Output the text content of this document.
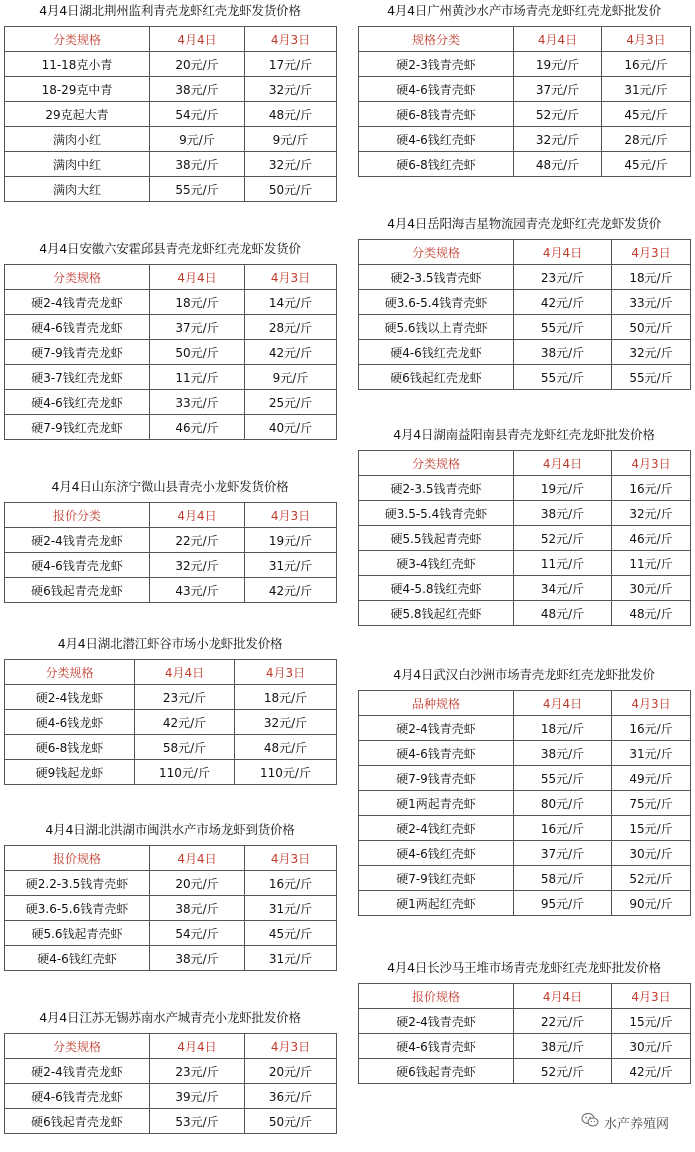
4月4日湖北荆州监利青壳龙虾红壳龙虾发货价格
分类规格	4月4日	4月3日
11-18克小青	20元/斤	17元/斤
18-29克中青	38元/斤	32元/斤
29克起大青	54元/斤	48元/斤
满肉小红	9元/斤	9元/斤
满肉中红	38元/斤	32元/斤
满肉大红	55元/斤	50元/斤
4月4日安徽六安霍邱县青壳龙虾红壳龙虾发货价
分类规格	4月4日	4月3日
硬2-4钱青壳龙虾	18元/斤	14元/斤
硬4-6钱青壳龙虾	37元/斤	28元/斤
硬7-9钱青壳龙虾	50元/斤	42元/斤
硬3-7钱红壳龙虾	11元/斤	9元/斤
硬4-6钱红壳龙虾	33元/斤	25元/斤
硬7-9钱红壳龙虾	46元/斤	40元/斤
4月4日山东济宁微山县青壳小龙虾发货价格
报价分类	4月4日	4月3日
硬2-4钱青壳龙虾	22元/斤	19元/斤
硬4-6钱青壳龙虾	32元/斤	31元/斤
硬6钱起青壳龙虾	43元/斤	42元/斤
4月4日湖北潜江虾谷市场小龙虾批发价格
分类规格	4月4日	4月3日
硬2-4钱龙虾	23元/斤	18元/斤
硬4-6钱龙虾	42元/斤	32元/斤
硬6-8钱龙虾	58元/斤	48元/斤
硬9钱起龙虾	110元/斤	110元/斤
4月4日湖北洪湖市闽洪水产市场龙虾到货价格
报价规格	4月4日	4月3日
硬2.2-3.5钱青壳虾	20元/斤	16元/斤
硬3.6-5.6钱青壳虾	38元/斤	31元/斤
硬5.6钱起青壳虾	54元/斤	45元/斤
硬4-6钱红壳虾	38元/斤	31元/斤
4月4日江苏无锡苏南水产城青壳小龙虾批发价格
分类规格	4月4日	4月3日
硬2-4钱青壳龙虾	23元/斤	20元/斤
硬4-6钱青壳龙虾	39元/斤	36元/斤
硬6钱起青壳龙虾	53元/斤	50元/斤
4月4日广州黄沙水产市场青壳龙虾红壳龙虾批发价
规格分类	4月4日	4月3日
硬2-3钱青壳虾	19元/斤	16元/斤
硬4-6钱青壳虾	37元/斤	31元/斤
硬6-8钱青壳虾	52元/斤	45元/斤
硬4-6钱红壳虾	32元/斤	28元/斤
硬6-8钱红壳虾	48元/斤	45元/斤
4月4日岳阳海吉星物流园青壳龙虾红壳龙虾发货价
分类规格	4月4日	4月3日
硬2-3.5钱青壳虾	23元/斤	18元/斤
硬3.6-5.4钱青壳虾	42元/斤	33元/斤
硬5.6钱以上青壳虾	55元/斤	50元/斤
硬4-6钱红壳龙虾	38元/斤	32元/斤
硬6钱起红壳龙虾	55元/斤	55元/斤
4月4日湖南益阳南县青壳龙虾红壳龙虾批发价格
分类规格	4月4日	4月3日
硬2-3.5钱青壳虾	19元/斤	16元/斤
硬3.5-5.4钱青壳虾	38元/斤	32元/斤
硬5.5钱起青壳虾	52元/斤	46元/斤
硬3-4钱红壳虾	11元/斤	11元/斤
硬4-5.8钱红壳虾	34元/斤	30元/斤
硬5.8钱起红壳虾	48元/斤	48元/斤
4月4日武汉白沙洲市场青壳龙虾红壳龙虾批发价
品种规格	4月4日	4月3日
硬2-4钱青壳虾	18元/斤	16元/斤
硬4-6钱青壳虾	38元/斤	31元/斤
硬7-9钱青壳虾	55元/斤	49元/斤
硬1两起青壳虾	80元/斤	75元/斤
硬2-4钱红壳虾	16元/斤	15元/斤
硬4-6钱红壳虾	37元/斤	30元/斤
硬7-9钱红壳虾	58元/斤	52元/斤
硬1两起红壳虾	95元/斤	90元/斤
4月4日长沙马王堆市场青壳龙虾红壳龙虾批发价格
报价规格	4月4日	4月3日
硬2-4钱青壳虾	22元/斤	15元/斤
硬4-6钱青壳虾	38元/斤	30元/斤
硬6钱起青壳虾	52元/斤	42元/斤
水产养殖网
